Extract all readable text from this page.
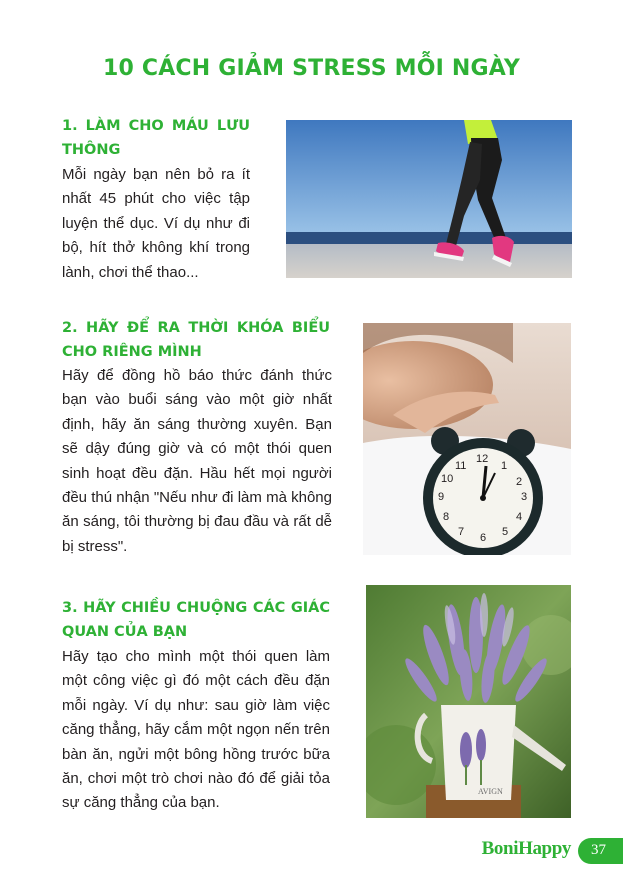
10 CÁCH GIẢM STRESS MỖI NGÀY
1. LÀM CHO MÁU LƯU THÔNG
Mỗi ngày bạn nên bỏ ra ít nhất 45 phút cho việc tập luyện thể dục. Ví dụ như đi bộ, hít thở không khí trong lành, chơi thể thao...
2. HÃY ĐỂ RA THỜI KHÓA BIỂU CHO RIÊNG MÌNH
Hãy để đồng hồ báo thức đánh thức bạn vào buổi sáng vào một giờ nhất định, hãy ăn sáng thường xuyên. Bạn sẽ dậy đúng giờ và có một thói quen sinh hoạt đều đặn. Hầu hết mọi người đều thú nhận "Nếu như đi làm mà không ăn sáng, tôi thường bị đau đầu và rất dễ bị stress".
12
1
2
3
4
5
6
7
8
9
10
11
3. HÃY CHIỀU CHUỘNG CÁC GIÁC QUAN CỦA BẠN
Hãy tạo cho mình một thói quen làm một công việc gì đó một cách đều đặn mỗi ngày. Ví dụ như: sau giờ làm việc căng thẳng, hãy cắm một ngọn nến trên bàn ăn, ngửi một bông hồng trước bữa ăn, chơi một trò chơi nào đó để giải tỏa sự căng thẳng của bạn.
AVIGN
BoniHappy 37
